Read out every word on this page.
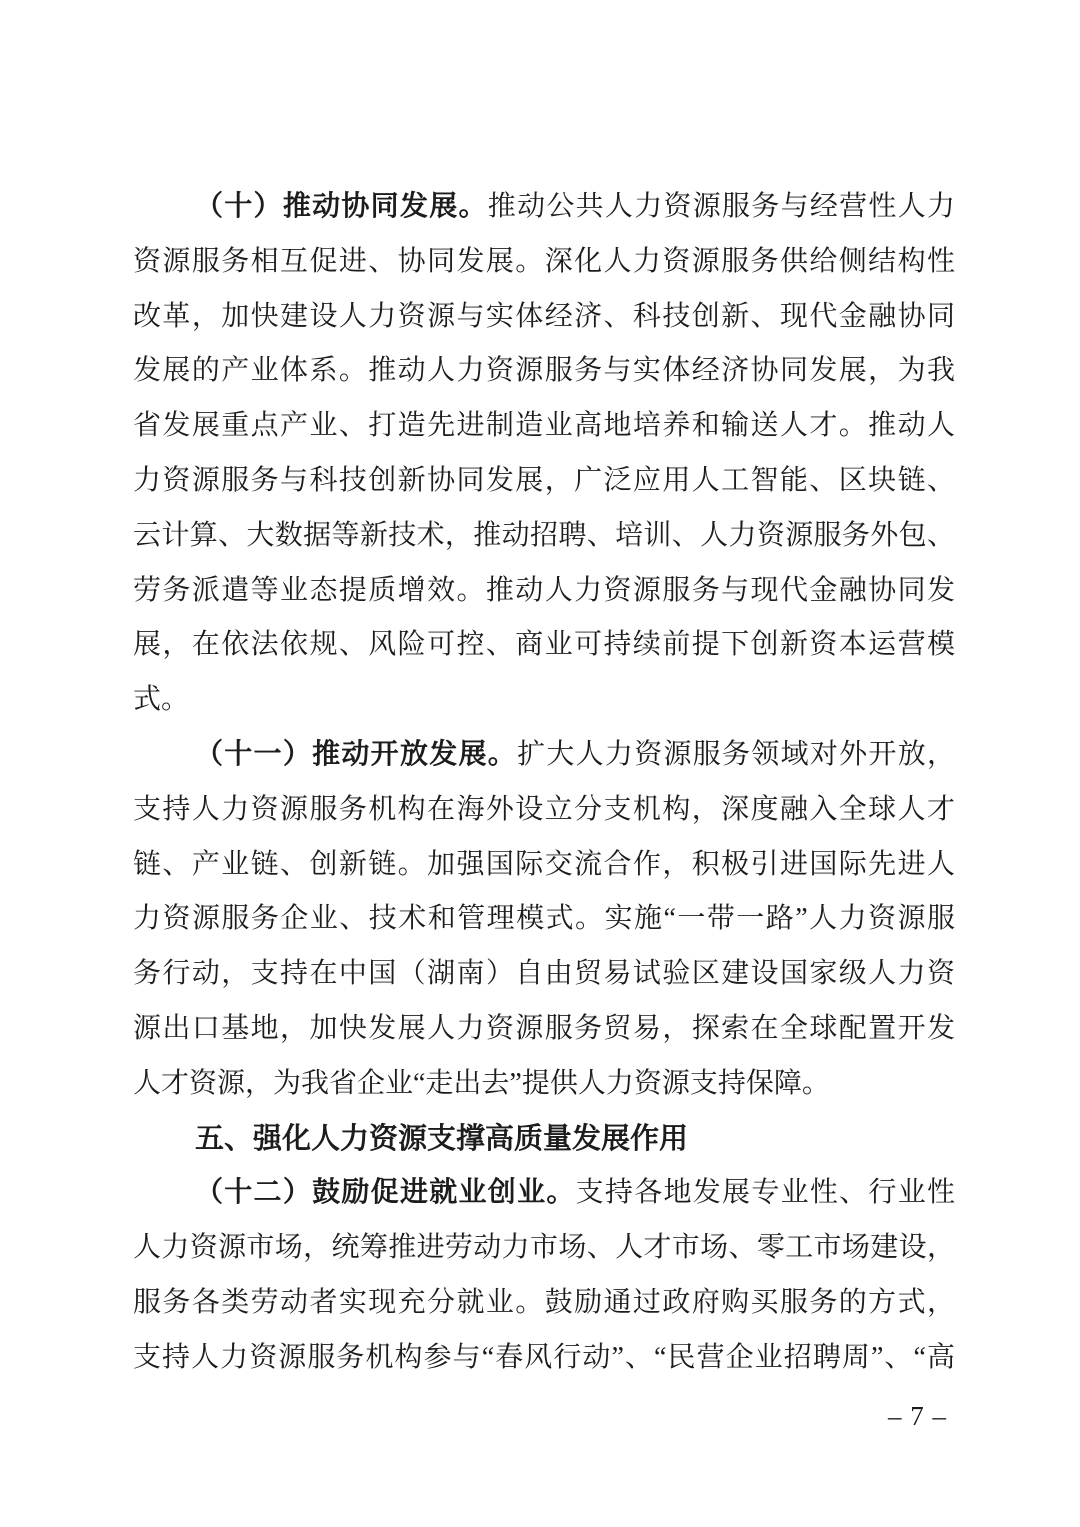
（十）推动协同发展。推动公共人力资源服务与经营性人力

资源服务相互促进、协同发展。深化人力资源服务供给侧结构性

改革，加快建设人力资源与实体经济、科技创新、现代金融协同

发展的产业体系。推动人力资源服务与实体经济协同发展，为我

省发展重点产业、打造先进制造业高地培养和输送人才。推动人

力资源服务与科技创新协同发展，广泛应用人工智能、区块链、

云计算、大数据等新技术，推动招聘、培训、人力资源服务外包、

劳务派遣等业态提质增效。推动人力资源服务与现代金融协同发

展，在依法依规、风险可控、商业可持续前提下创新资本运营模

式。

（十一）推动开放发展。扩大人力资源服务领域对外开放，

支持人力资源服务机构在海外设立分支机构，深度融入全球人才

链、产业链、创新链。加强国际交流合作，积极引进国际先进人

力资源服务企业、技术和管理模式。实施“一带一路”人力资源服

务行动，支持在中国（湖南）自由贸易试验区建设国家级人力资

源出口基地，加快发展人力资源服务贸易，探索在全球配置开发

人才资源，为我省企业“走出去”提供人力资源支持保障。

五、强化人力资源支撑高质量发展作用

（十二）鼓励促进就业创业。支持各地发展专业性、行业性

人力资源市场，统筹推进劳动力市场、人才市场、零工市场建设，

服务各类劳动者实现充分就业。鼓励通过政府购买服务的方式，

支持人力资源服务机构参与“春风行动”、“民营企业招聘周”、“高

– 7 –
